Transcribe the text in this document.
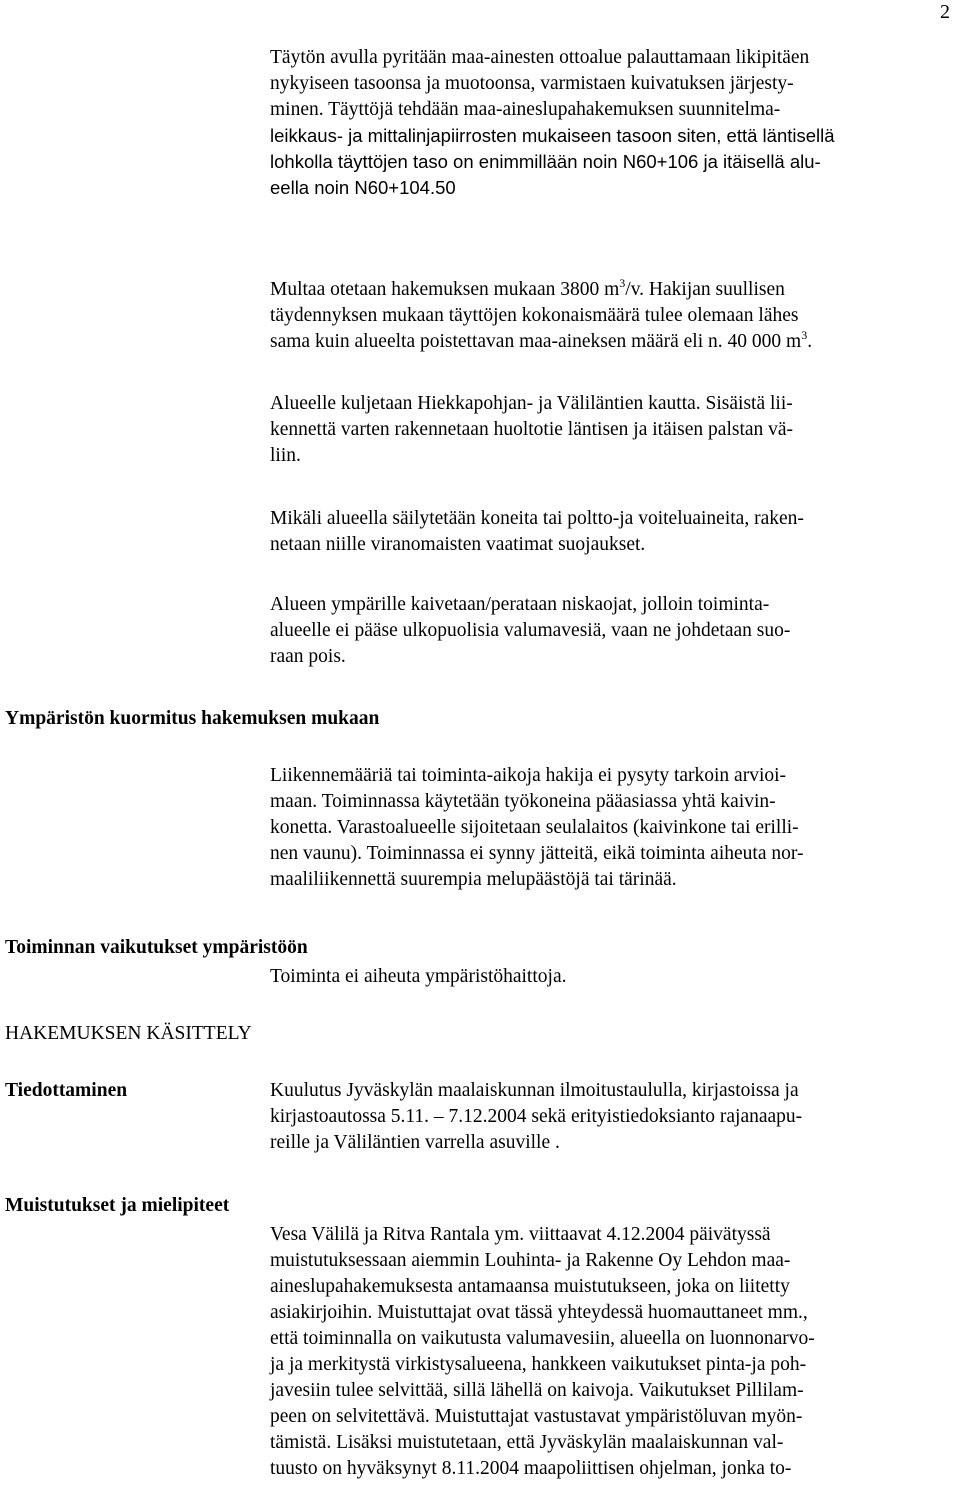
2

Täytön avulla pyritään maa-ainesten ottoalue palauttamaan likipitäen
nykyiseen tasoonsa ja muotoonsa, varmistaen kuivatuksen järjesty-
minen. Täyttöjä tehdään maa-aineslupahakemuksen suunnitelma-
leikkaus- ja mittalinjapiirrosten mukaiseen tasoon siten, että läntisellä
lohkolla täyttöjen taso on enimmillään noin N60+106 ja itäisellä alu-
eella noin N60+104.50

Multaa otetaan hakemuksen mukaan 3800 $m^3/v$. Hakijan suullisen
täydennyksen mukaan täyttöjen kokonaismäärä tulee olemaan lähes
sama kuin alueelta poistettavan maa-aineksen määrä eli n. 40 000 $m^3$.

Alueelle kuljetaan Hiekkapohjan- ja Väliläntien kautta. Sisäistä lii-
kennettä varten rakennetaan huoltotie läntisen ja itäisen palstan vä-
liin.

Mikäli alueella säilytetään koneita tai poltto-ja voiteluaineita, raken-
netaan niille viranomaisten vaatimat suojaukset.

Alueen ympärille kaivetaan/perataan niskaojat, jolloin toiminta-
alueelle ei pääse ulkopuolisia valumavesiä, vaan ne johdetaan suo-
raan pois.

Ympäristön kuormitus hakemuksen mukaan

Liikennemääriä tai toiminta-aikoja hakija ei pysyty tarkoin arvioi-
maan. Toiminnassa käytetään työkoneina pääasiassa yhtä kaivin-
konetta. Varastoalueelle sijoitetaan seulalaitos (kaivinkone tai erilli-
nen vaunu). Toiminnassa ei synny jätteitä, eikä toiminta aiheuta nor-
maaliliikennettä suurempia melupäästöjä tai tärinää.

Toiminnan vaikutukset ympäristöön

Toiminta ei aiheuta ympäristöhaittoja.

HAKEMUKSEN KÄSITTELY
Tiedottaminen	Kuulutus Jyväskylän maalaiskunnan ilmoitustaululla, kirjastoissa ja
kirjastoautossa 5.11. – 7.12.2004 sekä erityistiedoksianto rajanaapu-
reille ja Väliläntien varrella asuville .

Muistutukset ja mielipiteet

Vesa Välilä ja Ritva Rantala ym. viittaavat 4.12.2004 päivätyssä
muistutuksessaan aiemmin Louhinta- ja Rakenne Oy Lehdon maa-
aineslupahakemuksesta antamaansa muistutukseen, joka on liitetty
asiakirjoihin. Muistuttajat ovat tässä yhteydessä huomauttaneet mm.,
että toiminnalla on vaikutusta valumavesiin, alueella on luonnonarvo-
ja ja merkitystä virkistysalueena, hankkeen vaikutukset pinta-ja poh-
javesiin tulee selvittää, sillä lähellä on kaivoja. Vaikutukset Pillilam-
peen on selvitettävä. Muistuttajat vastustavat ympäristöluvan myön-
tämistä. Lisäksi muistutetaan, että Jyväskylän maalaiskunnan val-
tuusto on hyväksynyt 8.11.2004 maapoliittisen ohjelman, jonka to-
